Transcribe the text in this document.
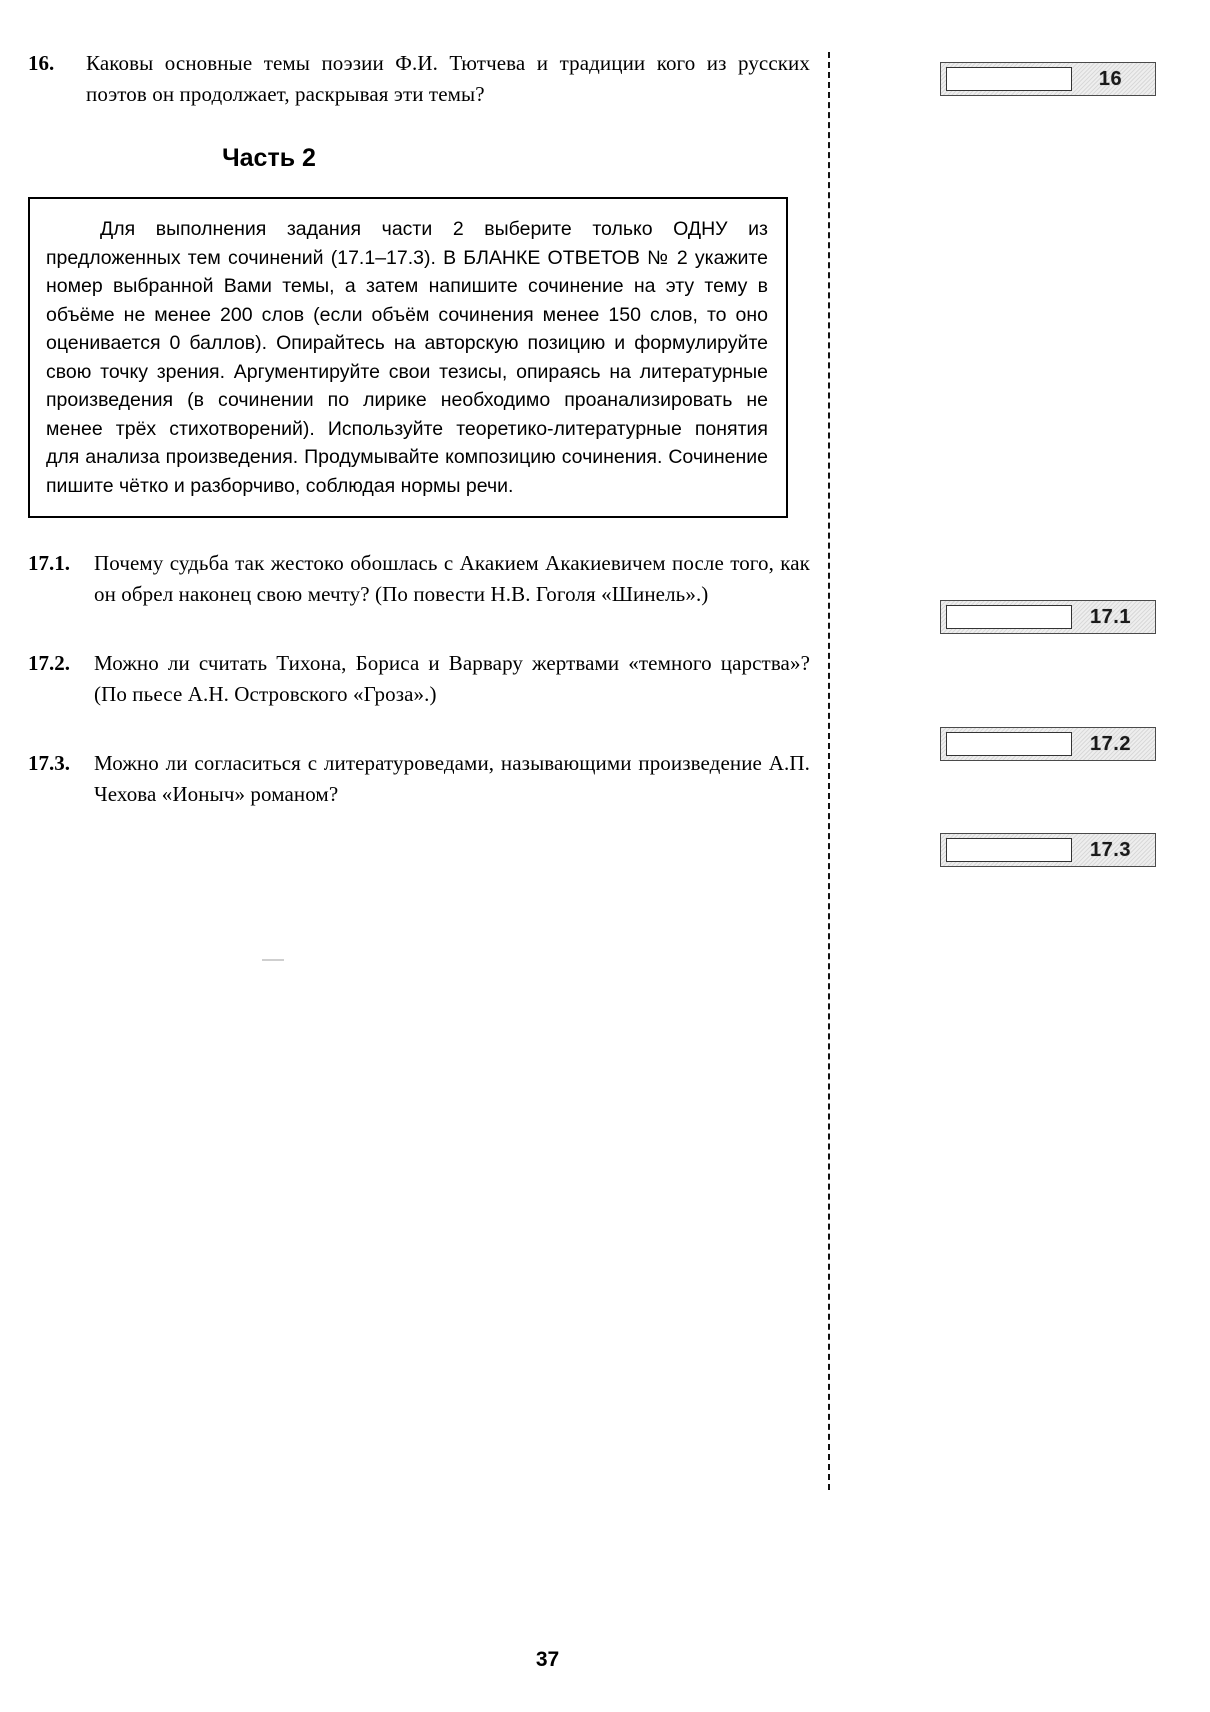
16.	Каковы основные темы поэзии Ф.И. Тютчева и традиции кого из русских поэтов он продолжает, раскрывая эти темы?
Часть 2

Для выполнения задания части 2 выберите только ОДНУ из предложенных тем сочинений (17.1–17.3). В БЛАНКЕ ОТВЕТОВ № 2 укажите номер выбранной Вами темы, а затем напишите сочинение на эту тему в объёме не менее 200 слов (если объём сочинения менее 150 слов, то оно оценивается 0 баллов). Опирайтесь на авторскую позицию и формулируйте свою точку зрения. Аргументируйте свои тезисы, опираясь на литературные произведения (в сочинении по лирике необходимо проанализировать не менее трёх стихотворений). Используйте теоретико-литературные понятия для анализа произведения. Продумывайте композицию сочинения. Сочинение пишите чётко и разборчиво, соблюдая нормы речи.

17.1.	Почему судьба так жестоко обошлась с Акакием Акакиевичем после того, как он обрел наконец свою мечту? (По повести Н.В. Гоголя «Шинель».)
17.2.	Можно ли считать Тихона, Бориса и Варвару жертвами «темного царства»? (По пьесе А.Н. Островского «Гроза».)
17.3.	Можно ли согласиться с литературоведами, называющими произведение А.П. Чехова «Ионыч» романом?
16
17.1
17.2
17.3
37
